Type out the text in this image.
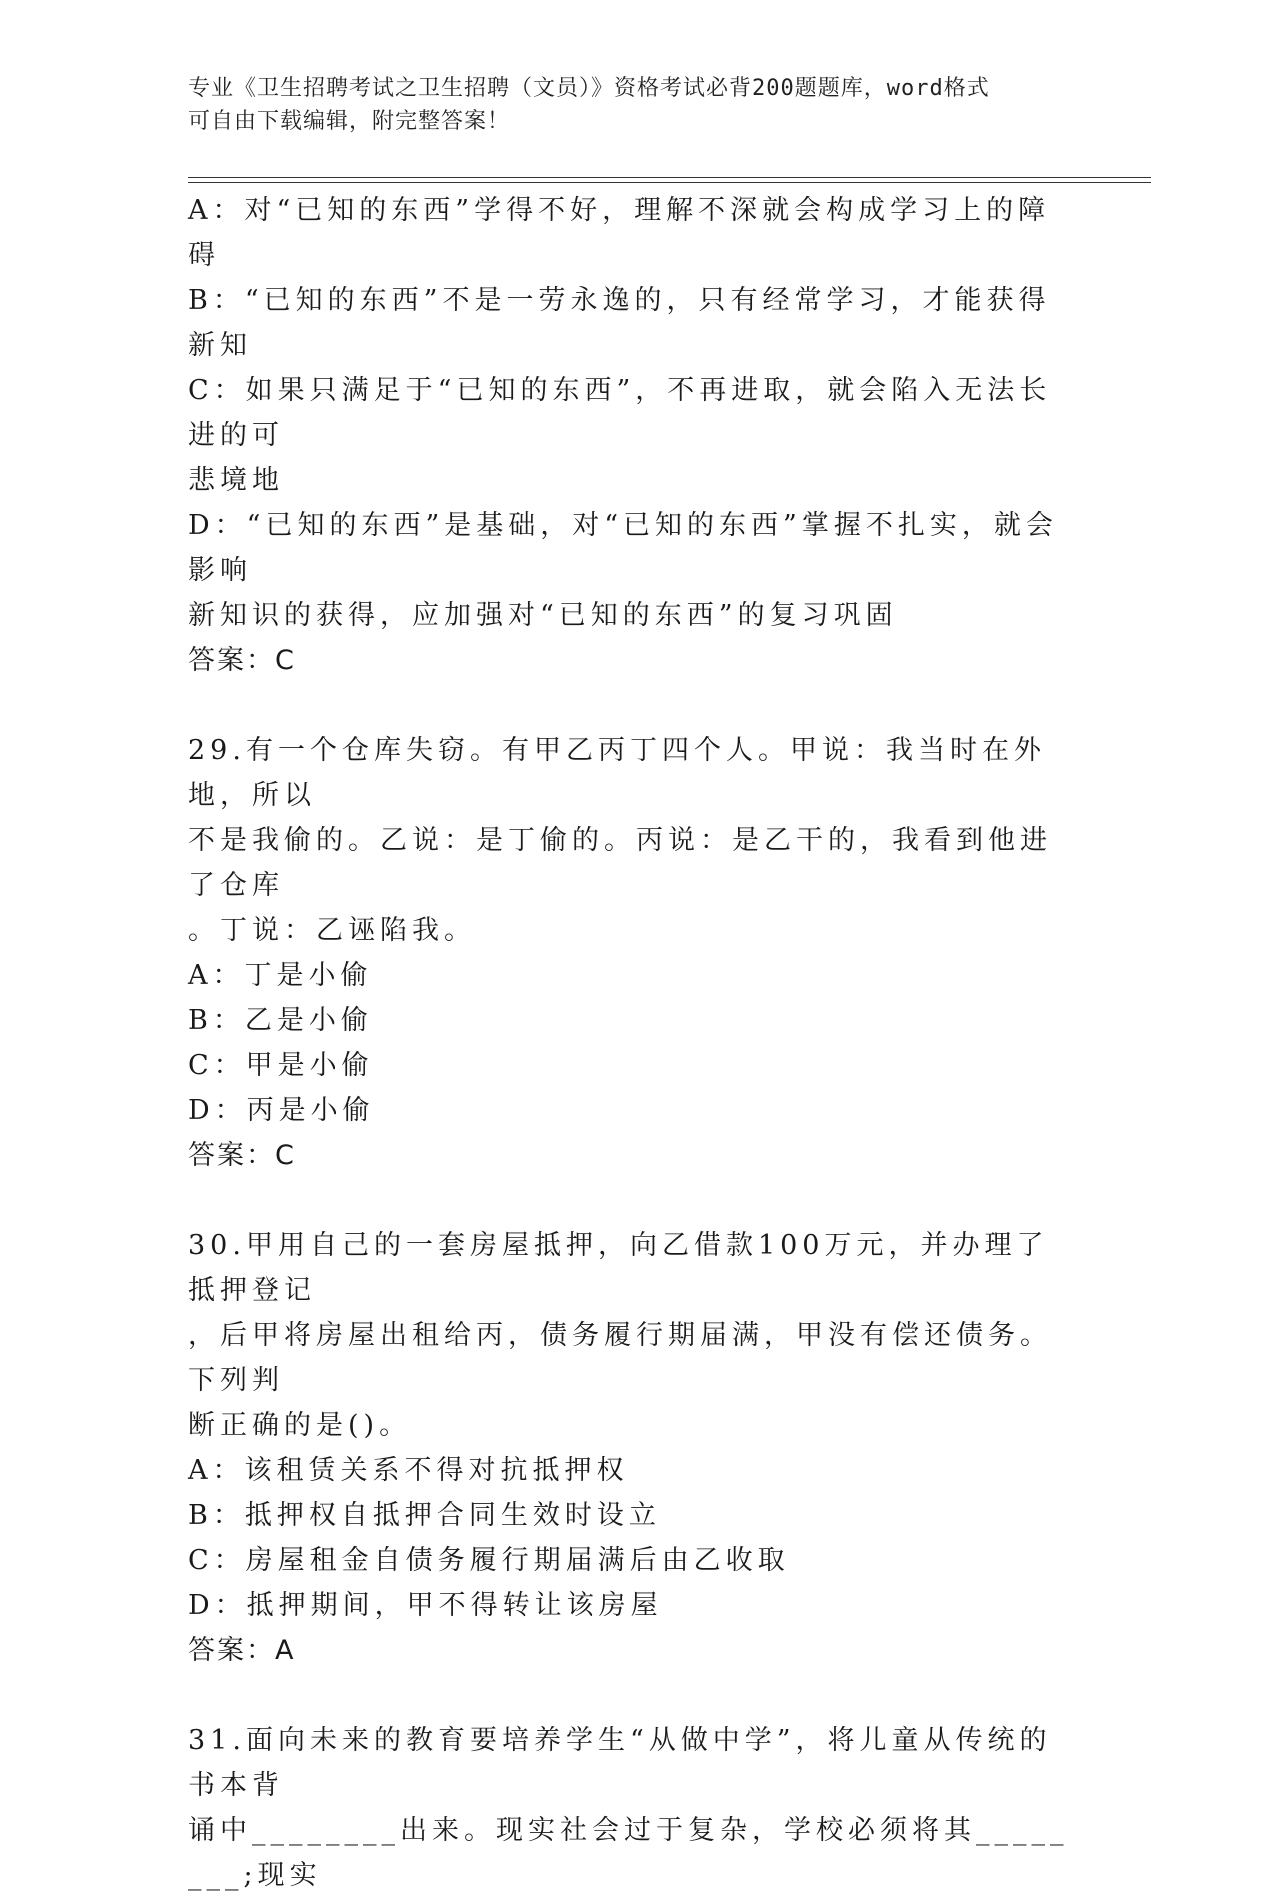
专业《卫生招聘考试之卫生招聘（文员）》资格考试必背200题题库，word格式
可自由下载编辑，附完整答案！
A：对“已知的东西”学得不好，理解不深就会构成学习上的障碍
B：“已知的东西”不是一劳永逸的，只有经常学习，才能获得新知
C：如果只满足于“已知的东西”，不再进取，就会陷入无法长进的可
悲境地
D：“已知的东西”是基础，对“已知的东西”掌握不扎实，就会影响
新知识的获得，应加强对“已知的东西”的复习巩固
答案：C
29.有一个仓库失窃。有甲乙丙丁四个人。甲说：我当时在外地，所以
不是我偷的。乙说：是丁偷的。丙说：是乙干的，我看到他进了仓库
。丁说：乙诬陷我。
A：丁是小偷
B：乙是小偷
C：甲是小偷
D：丙是小偷
答案：C
30.甲用自己的一套房屋抵押，向乙借款100万元，并办理了抵押登记
，后甲将房屋出租给丙，债务履行期届满，甲没有偿还债务。下列判
断正确的是()。
A：该租赁关系不得对抗抵押权
B：抵押权自抵押合同生效时设立
C：房屋租金自债务履行期届满后由乙收取
D：抵押期间，甲不得转让该房屋
答案：A
31.面向未来的教育要培养学生“从做中学”，将儿童从传统的书本背
诵中________出来。现实社会过于复杂，学校必须将其________;现实
